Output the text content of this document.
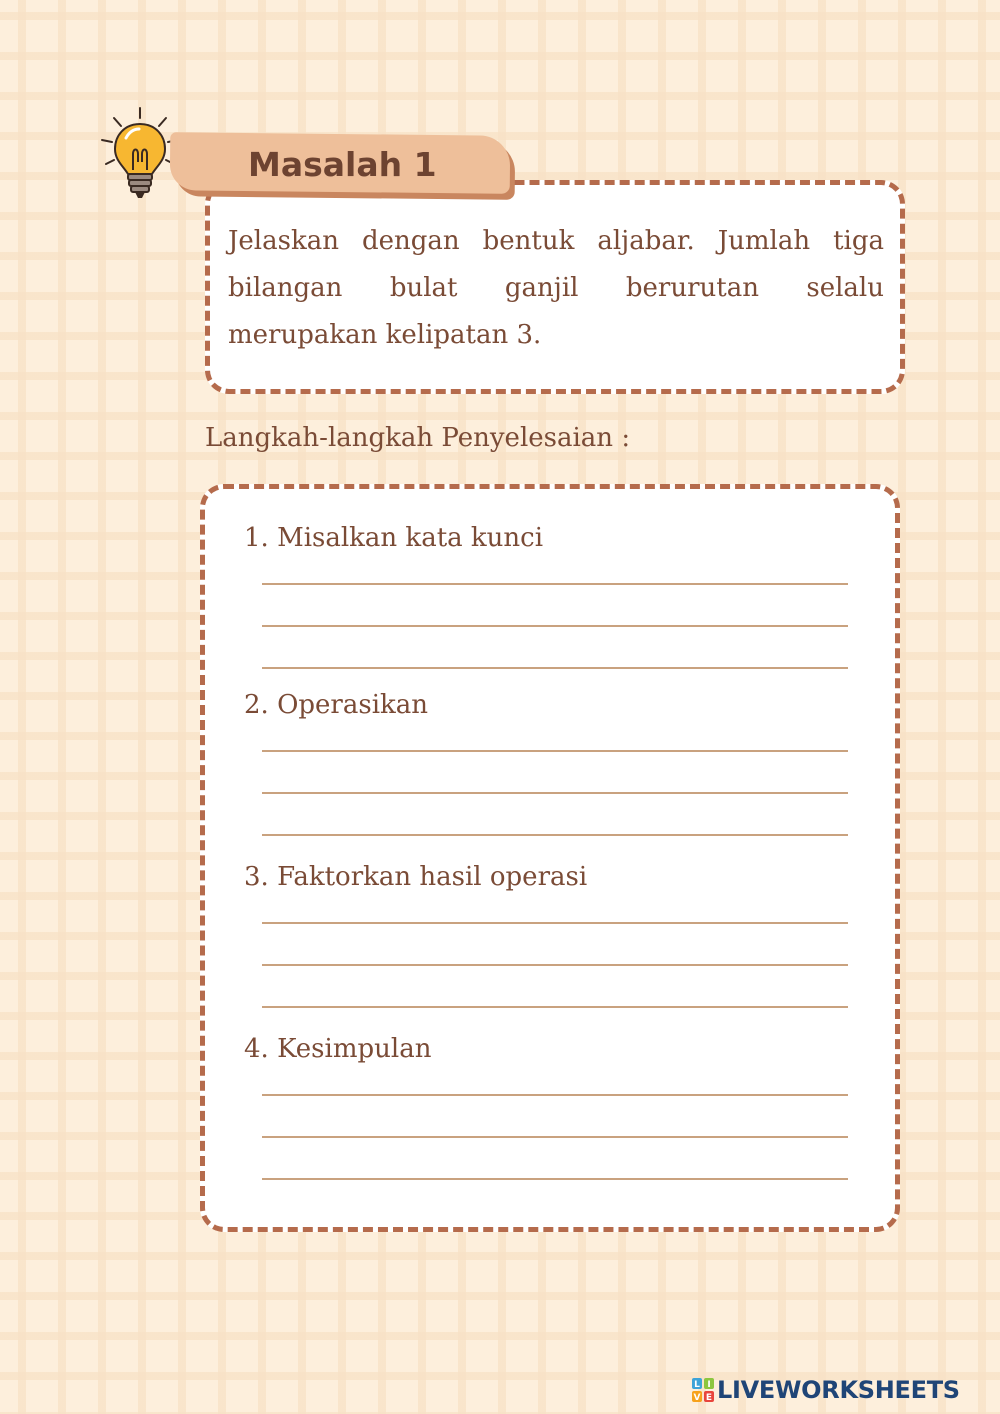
Jelaskan dengan bentuk aljabar. Jumlah tiga bilangan bulat ganjil berurutan selalu merupakan kelipatan 3.

Masalah 1
Langkah-langkah Penyelesaian :
1. Misalkan kata kunci
2. Operasikan
3. Faktorkan hasil operasi
4. Kesimpulan
L I
V E LIVEWORKSHEETS
